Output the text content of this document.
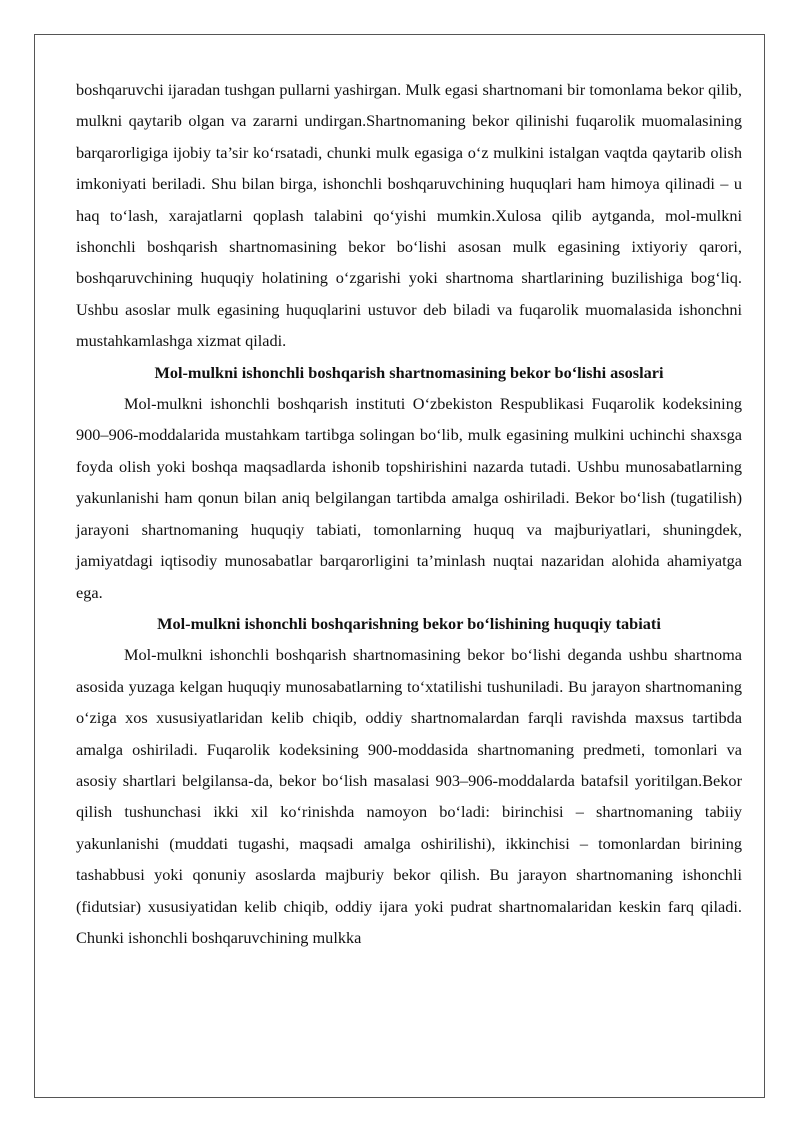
boshqaruvchi ijaradan tushgan pullarni yashirgan. Mulk egasi shartnomani bir tomonlama bekor qilib, mulkni qaytarib olgan va zararni undirgan.Shartnomaning bekor qilinishi fuqarolik muomalasining barqarorligiga ijobiy ta’sir ko‘rsatadi, chunki mulk egasiga o‘z mulkini istalgan vaqtda qaytarib olish imkoniyati beriladi. Shu bilan birga, ishonchli boshqaruvchining huquqlari ham himoya qilinadi – u haq to‘lash, xarajatlarni qoplash talabini qo‘yishi mumkin.Xulosa qilib aytganda, mol-mulkni ishonchli boshqarish shartnomasining bekor bo‘lishi asosan mulk egasining ixtiyoriy qarori, boshqaruvchining huquqiy holatining o‘zgarishi yoki shartnoma shartlarining buzilishiga bog‘liq. Ushbu asoslar mulk egasining huquqlarini ustuvor deb biladi va fuqarolik muomalasida ishonchni mustahkamlashga xizmat qiladi.

Mol-mulkni ishonchli boshqarish shartnomasining bekor bo‘lishi asoslari

Mol-mulkni ishonchli boshqarish instituti O‘zbekiston Respublikasi Fuqarolik kodeksining 900–906-moddalarida mustahkam tartibga solingan bo‘lib, mulk egasining mulkini uchinchi shaxsga foyda olish yoki boshqa maqsadlarda ishonib topshirishini nazarda tutadi. Ushbu munosabatlarning yakunlanishi ham qonun bilan aniq belgilangan tartibda amalga oshiriladi. Bekor bo‘lish (tugatilish) jarayoni shartnomaning huquqiy tabiati, tomonlarning huquq va majburiyatlari, shuningdek, jamiyatdagi iqtisodiy munosabatlar barqarorligini ta’minlash nuqtai nazaridan alohida ahamiyatga ega.

Mol-mulkni ishonchli boshqarishning bekor bo‘lishining huquqiy tabiati

Mol-mulkni ishonchli boshqarish shartnomasining bekor bo‘lishi deganda ushbu shartnoma asosida yuzaga kelgan huquqiy munosabatlarning to‘xtatilishi tushuniladi. Bu jarayon shartnomaning o‘ziga xos xususiyatlaridan kelib chiqib, oddiy shartnomalardan farqli ravishda maxsus tartibda amalga oshiriladi. Fuqarolik kodeksining 900-moddasida shartnomaning predmeti, tomonlari va asosiy shartlari belgilansa-da, bekor bo‘lish masalasi 903–906-moddalarda batafsil yoritilgan.Bekor qilish tushunchasi ikki xil ko‘rinishda namoyon bo‘ladi: birinchisi – shartnomaning tabiiy yakunlanishi (muddati tugashi, maqsadi amalga oshirilishi), ikkinchisi – tomonlardan birining tashabbusi yoki qonuniy asoslarda majburiy bekor qilish. Bu jarayon shartnomaning ishonchli (fidutsiar) xususiyatidan kelib chiqib, oddiy ijara yoki pudrat shartnomalaridan keskin farq qiladi. Chunki ishonchli boshqaruvchining mulkka
